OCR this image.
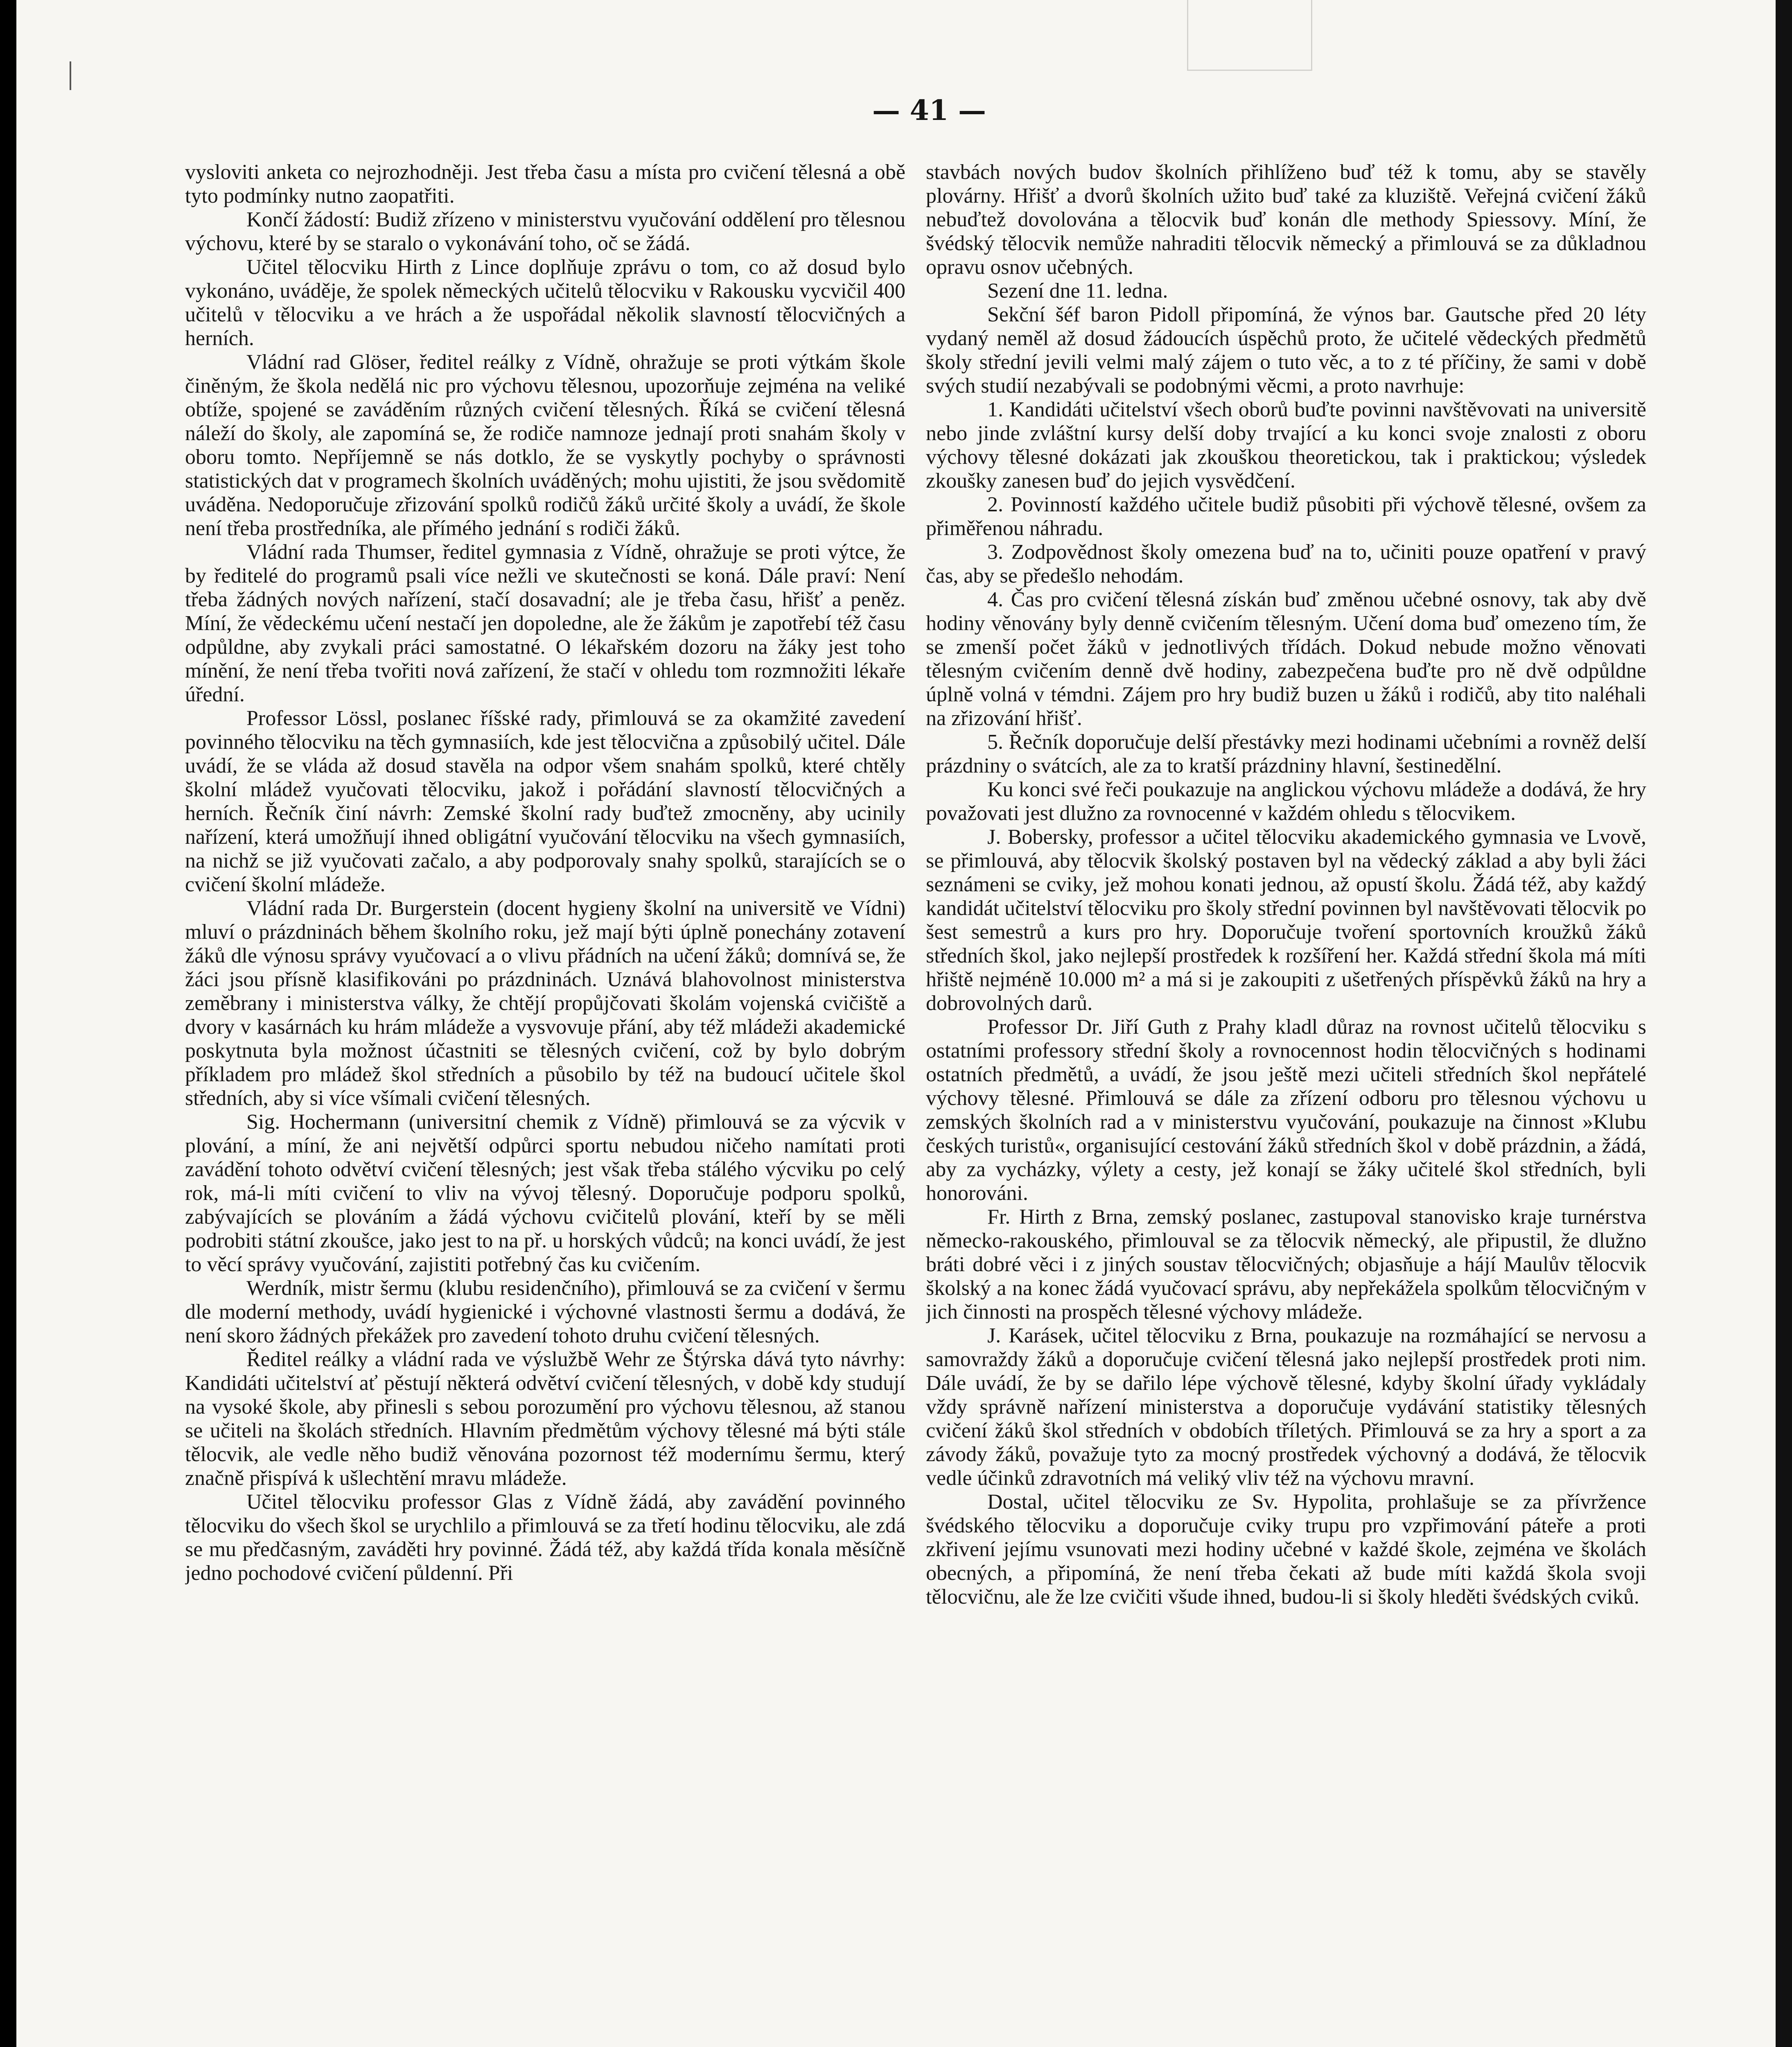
— 41 —

vysloviti anketa co nejrozhodněji. Jest třeba času a místa pro cvičení tělesná a obě tyto podmínky nutno zaopatřiti.

Končí žádostí: Budiž zřízeno v ministerstvu vyučování oddělení pro tělesnou výchovu, které by se staralo o vykonávání toho, oč se žádá.

Učitel tělocviku Hirth z Lince doplňuje zprávu o tom, co až dosud bylo vykonáno, uváděje, že spolek německých učitelů tělocviku v Rakousku vycvičil 400 učitelů v tělocviku a ve hrách a že uspořádal několik slavností tělocvičných a herních.

Vládní rad Glöser, ředitel reálky z Vídně, ohražuje se proti výtkám škole činěným, že škola nedělá nic pro výchovu tělesnou, upozorňuje zejména na veliké obtíže, spojené se zaváděním různých cvičení tělesných. Říká se cvičení tělesná náleží do školy, ale zapomíná se, že rodiče namnoze jednají proti snahám školy v oboru tomto. Nepříjemně se nás dotklo, že se vyskytly pochyby o správnosti statistických dat v programech školních uváděných; mohu ujistiti, že jsou svědomitě uváděna. Nedoporučuje zřizování spolků rodičů žáků určité školy a uvádí, že škole není třeba prostředníka, ale přímého jednání s rodiči žáků.

Vládní rada Thumser, ředitel gymnasia z Vídně, ohražuje se proti výtce, že by ředitelé do programů psali více nežli ve skutečnosti se koná. Dále praví: Není třeba žádných nových nařízení, stačí dosavadní; ale je třeba času, hřišť a peněz. Míní, že vědeckému učení nestačí jen dopoledne, ale že žákům je zapotřebí též času odpůldne, aby zvykali práci samostatné. O lékařském dozoru na žáky jest toho mínění, že není třeba tvořiti nová zařízení, že stačí v ohledu tom rozmnožiti lékaře úřední.

Professor Lössl, poslanec říšské rady, přimlouvá se za okamžité zavedení povinného tělocviku na těch gymnasiích, kde jest tělocvična a způsobilý učitel. Dále uvádí, že se vláda až dosud stavěla na odpor všem snahám spolků, které chtěly školní mládež vyučovati tělocviku, jakož i pořádání slavností tělocvičných a herních. Řečník činí návrh: Zemské školní rady buďtež zmocněny, aby ucinily nařízení, která umožňují ihned obligátní vyučování tělocviku na všech gymnasiích, na nichž se již vyučovati začalo, a aby podporovaly snahy spolků, starajících se o cvičení školní mládeže.

Vládní rada Dr. Burgerstein (docent hygieny školní na universitě ve Vídni) mluví o prázdninách během školního roku, jež mají býti úplně ponechány zotavení žáků dle výnosu správy vyučovací a o vlivu přádních na učení žáků; domnívá se, že žáci jsou přísně klasifikováni po prázdninách. Uznává blahovolnost ministerstva zeměbrany i ministerstva války, že chtějí propůjčovati školám vojenská cvičiště a dvory v kasárnách ku hrám mládeže a vysvovuje přání, aby též mládeži akademické poskytnuta byla možnost účastniti se tělesných cvičení, což by bylo dobrým příkladem pro mládež škol středních a působilo by též na budoucí učitele škol středních, aby si více všímali cvičení tělesných.

Sig. Hochermann (universitní chemik z Vídně) přimlouvá se za výcvik v plování, a míní, že ani největší odpůrci sportu nebudou ničeho namítati proti zavádění tohoto odvětví cvičení tělesných; jest však třeba stálého výcviku po celý rok, má-li míti cvičení to vliv na vývoj tělesný. Doporučuje podporu spolků, zabývajících se plováním a žádá výchovu cvičitelů plování, kteří by se měli podrobiti státní zkoušce, jako jest to na př. u horských vůdců; na konci uvádí, že jest to věcí správy vyučování, zajistiti potřebný čas ku cvičením.

Werdník, mistr šermu (klubu residenčního), přimlouvá se za cvičení v šermu dle moderní methody, uvádí hygienické i výchovné vlastnosti šermu a dodává, že není skoro žádných překážek pro zavedení tohoto druhu cvičení tělesných.

Ředitel reálky a vládní rada ve výslužbě Wehr ze Štýrska dává tyto návrhy: Kandidáti učitelství ať pěstují některá odvětví cvičení tělesných, v době kdy studují na vysoké škole, aby přinesli s sebou porozumění pro výchovu tělesnou, až stanou se učiteli na školách středních. Hlavním předmětům výchovy tělesné má býti stále tělocvik, ale vedle něho budiž věnována pozornost též modernímu šermu, který značně přispívá k ušlechtění mravu mládeže.

Učitel tělocviku professor Glas z Vídně žádá, aby zavádění povinného tělocviku do všech škol se urychlilo a přimlouvá se za třetí hodinu tělocviku, ale zdá se mu předčasným, zaváděti hry povinné. Žádá též, aby každá třída konala měsíčně jedno pochodové cvičení půldenní. Při

stavbách nových budov školních přihlíženo buď též k tomu, aby se stavěly plovárny. Hřišť a dvorů školních užito buď také za kluziště. Veřejná cvičení žáků nebuďtež dovolována a tělocvik buď konán dle methody Spiessovy. Míní, že švédský tělocvik nemůže nahraditi tělocvik německý a přimlouvá se za důkladnou opravu osnov učebných.

Sezení dne 11. ledna.

Sekční šéf baron Pidoll připomíná, že výnos bar. Gautsche před 20 léty vydaný neměl až dosud žádoucích úspěchů proto, že učitelé vědeckých předmětů školy střední jevili velmi malý zájem o tuto věc, a to z té příčiny, že sami v době svých studií nezabývali se podobnými věcmi, a proto navrhuje:

1. Kandidáti učitelství všech oborů buďte povinni navštěvovati na universitě nebo jinde zvláštní kursy delší doby trvající a ku konci svoje znalosti z oboru výchovy tělesné dokázati jak zkouškou theoretickou, tak i praktickou; výsledek zkoušky zanesen buď do jejich vysvědčení.

2. Povinností každého učitele budiž působiti při výchově tělesné, ovšem za přiměřenou náhradu.

3. Zodpovědnost školy omezena buď na to, učiniti pouze opatření v pravý čas, aby se předešlo nehodám.

4. Čas pro cvičení tělesná získán buď změnou učebné osnovy, tak aby dvě hodiny věnovány byly denně cvičením tělesným. Učení doma buď omezeno tím, že se zmenší počet žáků v jednotlivých třídách. Dokud nebude možno věnovati tělesným cvičením denně dvě hodiny, zabezpečena buďte pro ně dvě odpůldne úplně volná v témdni. Zájem pro hry budiž buzen u žáků i rodičů, aby tito naléhali na zřizování hřišť.

5. Řečník doporučuje delší přestávky mezi hodinami učebními a rovněž delší prázdniny o svátcích, ale za to kratší prázdniny hlavní, šestinedělní.

Ku konci své řeči poukazuje na anglickou výchovu mládeže a dodává, že hry považovati jest dlužno za rovnocenné v každém ohledu s tělocvikem.

J. Bobersky, professor a učitel tělocviku akademického gymnasia ve Lvově, se přimlouvá, aby tělocvik školský postaven byl na vědecký základ a aby byli žáci seznámeni se cviky, jež mohou konati jednou, až opustí školu. Žádá též, aby každý kandidát učitelství tělocviku pro školy střední povinnen byl navštěvovati tělocvik po šest semestrů a kurs pro hry. Doporučuje tvoření sportovních kroužků žáků středních škol, jako nejlepší prostředek k rozšíření her. Každá střední škola má míti hřiště nejméně 10.000 m² a má si je zakoupiti z ušetřených příspěvků žáků na hry a dobrovolných darů.

Professor Dr. Jiří Guth z Prahy kladl důraz na rovnost učitelů tělocviku s ostatními professory střední školy a rovnocennost hodin tělocvičných s hodinami ostatních předmětů, a uvádí, že jsou ještě mezi učiteli středních škol nepřátelé výchovy tělesné. Přimlouvá se dále za zřízení odboru pro tělesnou výchovu u zemských školních rad a v ministerstvu vyučování, poukazuje na činnost »Klubu českých turistů«, organisující cestování žáků středních škol v době prázdnin, a žádá, aby za vycházky, výlety a cesty, jež konají se žáky učitelé škol středních, byli honorováni.

Fr. Hirth z Brna, zemský poslanec, zastupoval stanovisko kraje turnérstva německo-rakouského, přimlouval se za tělocvik německý, ale připustil, že dlužno bráti dobré věci i z jiných soustav tělocvičných; objasňuje a hájí Maulův tělocvik školský a na konec žádá vyučovací správu, aby nepřekážela spolkům tělocvičným v jich činnosti na prospěch tělesné výchovy mládeže.

J. Karásek, učitel tělocviku z Brna, poukazuje na rozmáhající se nervosu a samovraždy žáků a doporučuje cvičení tělesná jako nejlepší prostředek proti nim. Dále uvádí, že by se dařilo lépe výchově tělesné, kdyby školní úřady vykládaly vždy správně nařízení ministerstva a doporučuje vydávání statistiky tělesných cvičení žáků škol středních v obdobích tříletých. Přimlouvá se za hry a sport a za závody žáků, považuje tyto za mocný prostředek výchovný a dodává, že tělocvik vedle účinků zdravotních má veliký vliv též na výchovu mravní.

Dostal, učitel tělocviku ze Sv. Hypolita, prohlašuje se za přívržence švédského tělocviku a doporučuje cviky trupu pro vzpřimování páteře a proti zkřivení jejímu vsunovati mezi hodiny učebné v každé škole, zejména ve školách obecných, a připomíná, že není třeba čekati až bude míti každá škola svoji tělocvičnu, ale že lze cvičiti všude ihned, budou-li si školy hleděti švédských cviků.
